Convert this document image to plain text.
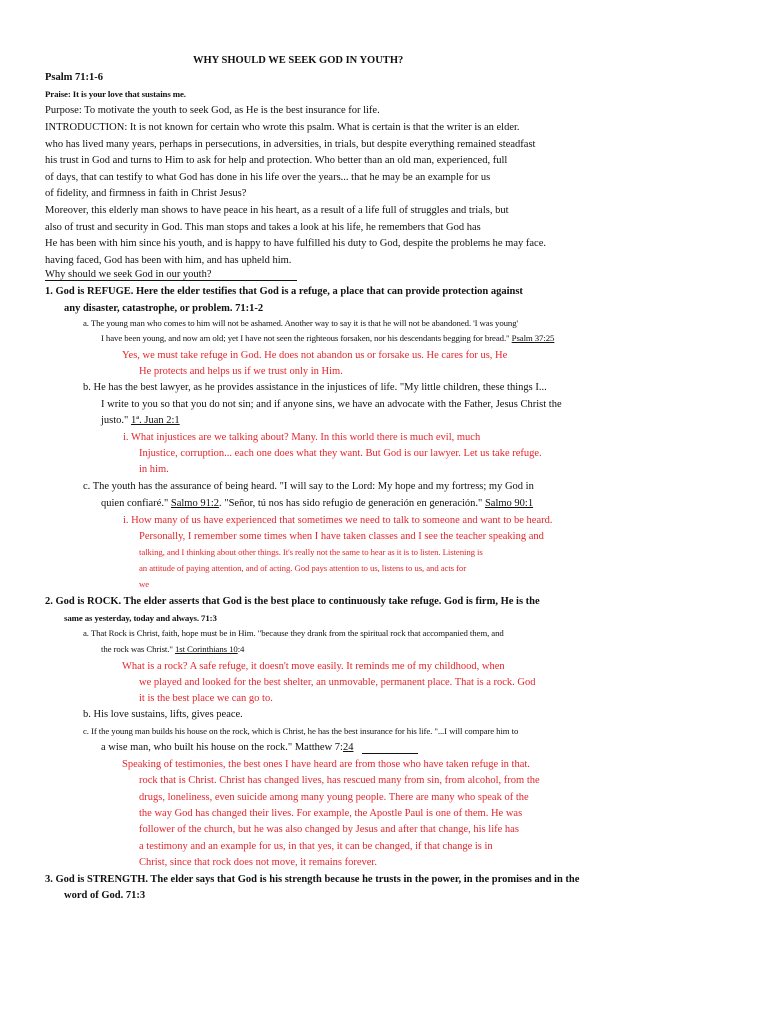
WHY SHOULD WE SEEK GOD IN YOUTH?
Psalm 71:1-6
Praise: It is your love that sustains me.
Purpose: To motivate the youth to seek God, as He is the best insurance for life.
INTRODUCTION: It is not known for certain who wrote this psalm. What is certain is that the writer is an elder.
who has lived many years, perhaps in persecutions, in adversities, in trials, but despite everything remained steadfast
his trust in God and turns to Him to ask for help and protection. Who better than an old man, experienced, full
of days, that can testify to what God has done in his life over the years... that he may be an example for us
of fidelity, and firmness in faith in Christ Jesus?
Moreover, this elderly man shows to have peace in his heart, as a result of a life full of struggles and trials, but
also of trust and security in God. This man stops and takes a look at his life, he remembers that God has
He has been with him since his youth, and is happy to have fulfilled his duty to God, despite the problems he may face.
having faced, God has been with him, and has upheld him.
Why should we seek God in our youth?
1. God is REFUGE. Here the elder testifies that God is a refuge, a place that can provide protection against
any disaster, catastrophe, or problem. 71:1-2
a. The young man who comes to him will not be ashamed. Another way to say it is that he will not be abandoned. 'I was young'
I have been young, and now am old; yet I have not seen the righteous forsaken, nor his descendants begging for bread." Psalm 37:25
Yes, we must take refuge in God. He does not abandon us or forsake us. He cares for us, He
He protects and helps us if we trust only in Him.
b. He has the best lawyer, as he provides assistance in the injustices of life. "My little children, these things I...
I write to you so that you do not sin; and if anyone sins, we have an advocate with the Father, Jesus Christ the
justo." 1ª. Juan 2:1
i. What injustices are we talking about? Many. In this world there is much evil, much
Injustice, corruption... each one does what they want. But God is our lawyer. Let us take refuge.
in him.
c. The youth has the assurance of being heard. "I will say to the Lord: My hope and my fortress; my God in
quien confiaré." Salmo 91:2. "Señor, tú nos has sido refugio de generación en generación." Salmo 90:1
i. How many of us have experienced that sometimes we need to talk to someone and want to be heard.
Personally, I remember some times when I have taken classes and I see the teacher speaking and
talking, and I thinking about other things. It's really not the same to hear as it is to listen. Listening is
an attitude of paying attention, and of acting. God pays attention to us, listens to us, and acts for
we
2. God is ROCK. The elder asserts that God is the best place to continuously take refuge. God is firm, He is the
same as yesterday, today and always. 71:3
a. That Rock is Christ, faith, hope must be in Him. "because they drank from the spiritual rock that accompanied them, and
the rock was Christ." 1st Corinthians 10:4
What is a rock? A safe refuge, it doesn't move easily. It reminds me of my childhood, when
we played and looked for the best shelter, an unmovable, permanent place. That is a rock. God
it is the best place we can go to.
b. His love sustains, lifts, gives peace.
c. If the young man builds his house on the rock, which is Christ, he has the best insurance for his life. "...I will compare him to
a wise man, who built his house on the rock." Matthew 7:24
Speaking of testimonies, the best ones I have heard are from those who have taken refuge in that.
rock that is Christ. Christ has changed lives, has rescued many from sin, from alcohol, from the
drugs, loneliness, even suicide among many young people. There are many who speak of the
the way God has changed their lives. For example, the Apostle Paul is one of them. He was
follower of the church, but he was also changed by Jesus and after that change, his life has
a testimony and an example for us, in that yes, it can be changed, if that change is in
Christ, since that rock does not move, it remains forever.
3. God is STRENGTH. The elder says that God is his strength because he trusts in the power, in the promises and in the
word of God. 71:3
